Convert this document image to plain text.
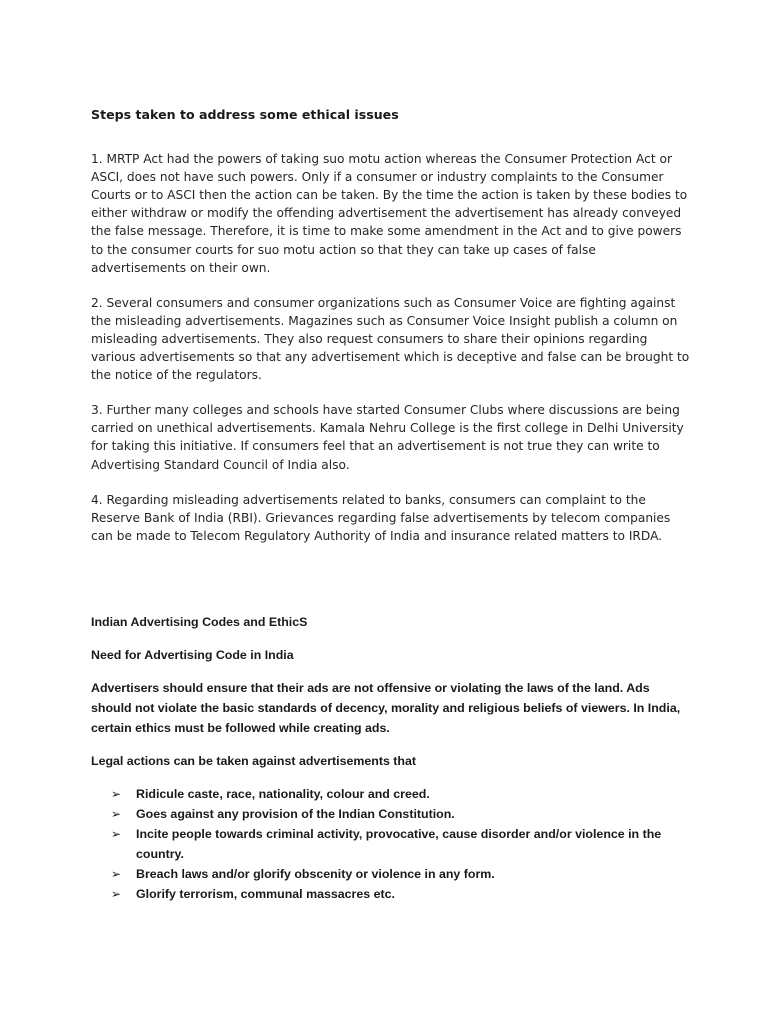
Steps taken to address some ethical issues

1. MRTP Act had the powers of taking suo motu action whereas the Consumer Protection Act or ASCI, does not have such powers. Only if a consumer or industry complaints to the Consumer Courts or to ASCI then the action can be taken. By the time the action is taken by these bodies to either withdraw or modify the offending advertisement the advertisement has already conveyed the false message. Therefore, it is time to make some amendment in the Act and to give powers to the consumer courts for suo motu action so that they can take up cases of false advertisements on their own.

2. Several consumers and consumer organizations such as Consumer Voice are fighting against the misleading advertisements. Magazines such as Consumer Voice Insight publish a column on misleading advertisements. They also request consumers to share their opinions regarding various advertisements so that any advertisement which is deceptive and false can be brought to the notice of the regulators.

3. Further many colleges and schools have started Consumer Clubs where discussions are being carried on unethical advertisements. Kamala Nehru College is the first college in Delhi University for taking this initiative. If consumers feel that an advertisement is not true they can write to Advertising Standard Council of India also.

4. Regarding misleading advertisements related to banks, consumers can complaint to the Reserve Bank of India (RBI). Grievances regarding false advertisements by telecom companies can be made to Telecom Regulatory Authority of India and insurance related matters to IRDA.

Indian Advertising Codes and EthicS

Need for Advertising Code in India

Advertisers should ensure that their ads are not offensive or violating the laws of the land. Ads should not violate the basic standards of decency, morality and religious beliefs of viewers. In India, certain ethics must be followed while creating ads.

Legal actions can be taken against advertisements that

➢ Ridicule caste, race, nationality, colour and creed.
➢ Goes against any provision of the Indian Constitution.
➢ Incite people towards criminal activity, provocative, cause disorder and/or violence in the country.
➢ Breach laws and/or glorify obscenity or violence in any form.
➢ Glorify terrorism, communal massacres etc.
